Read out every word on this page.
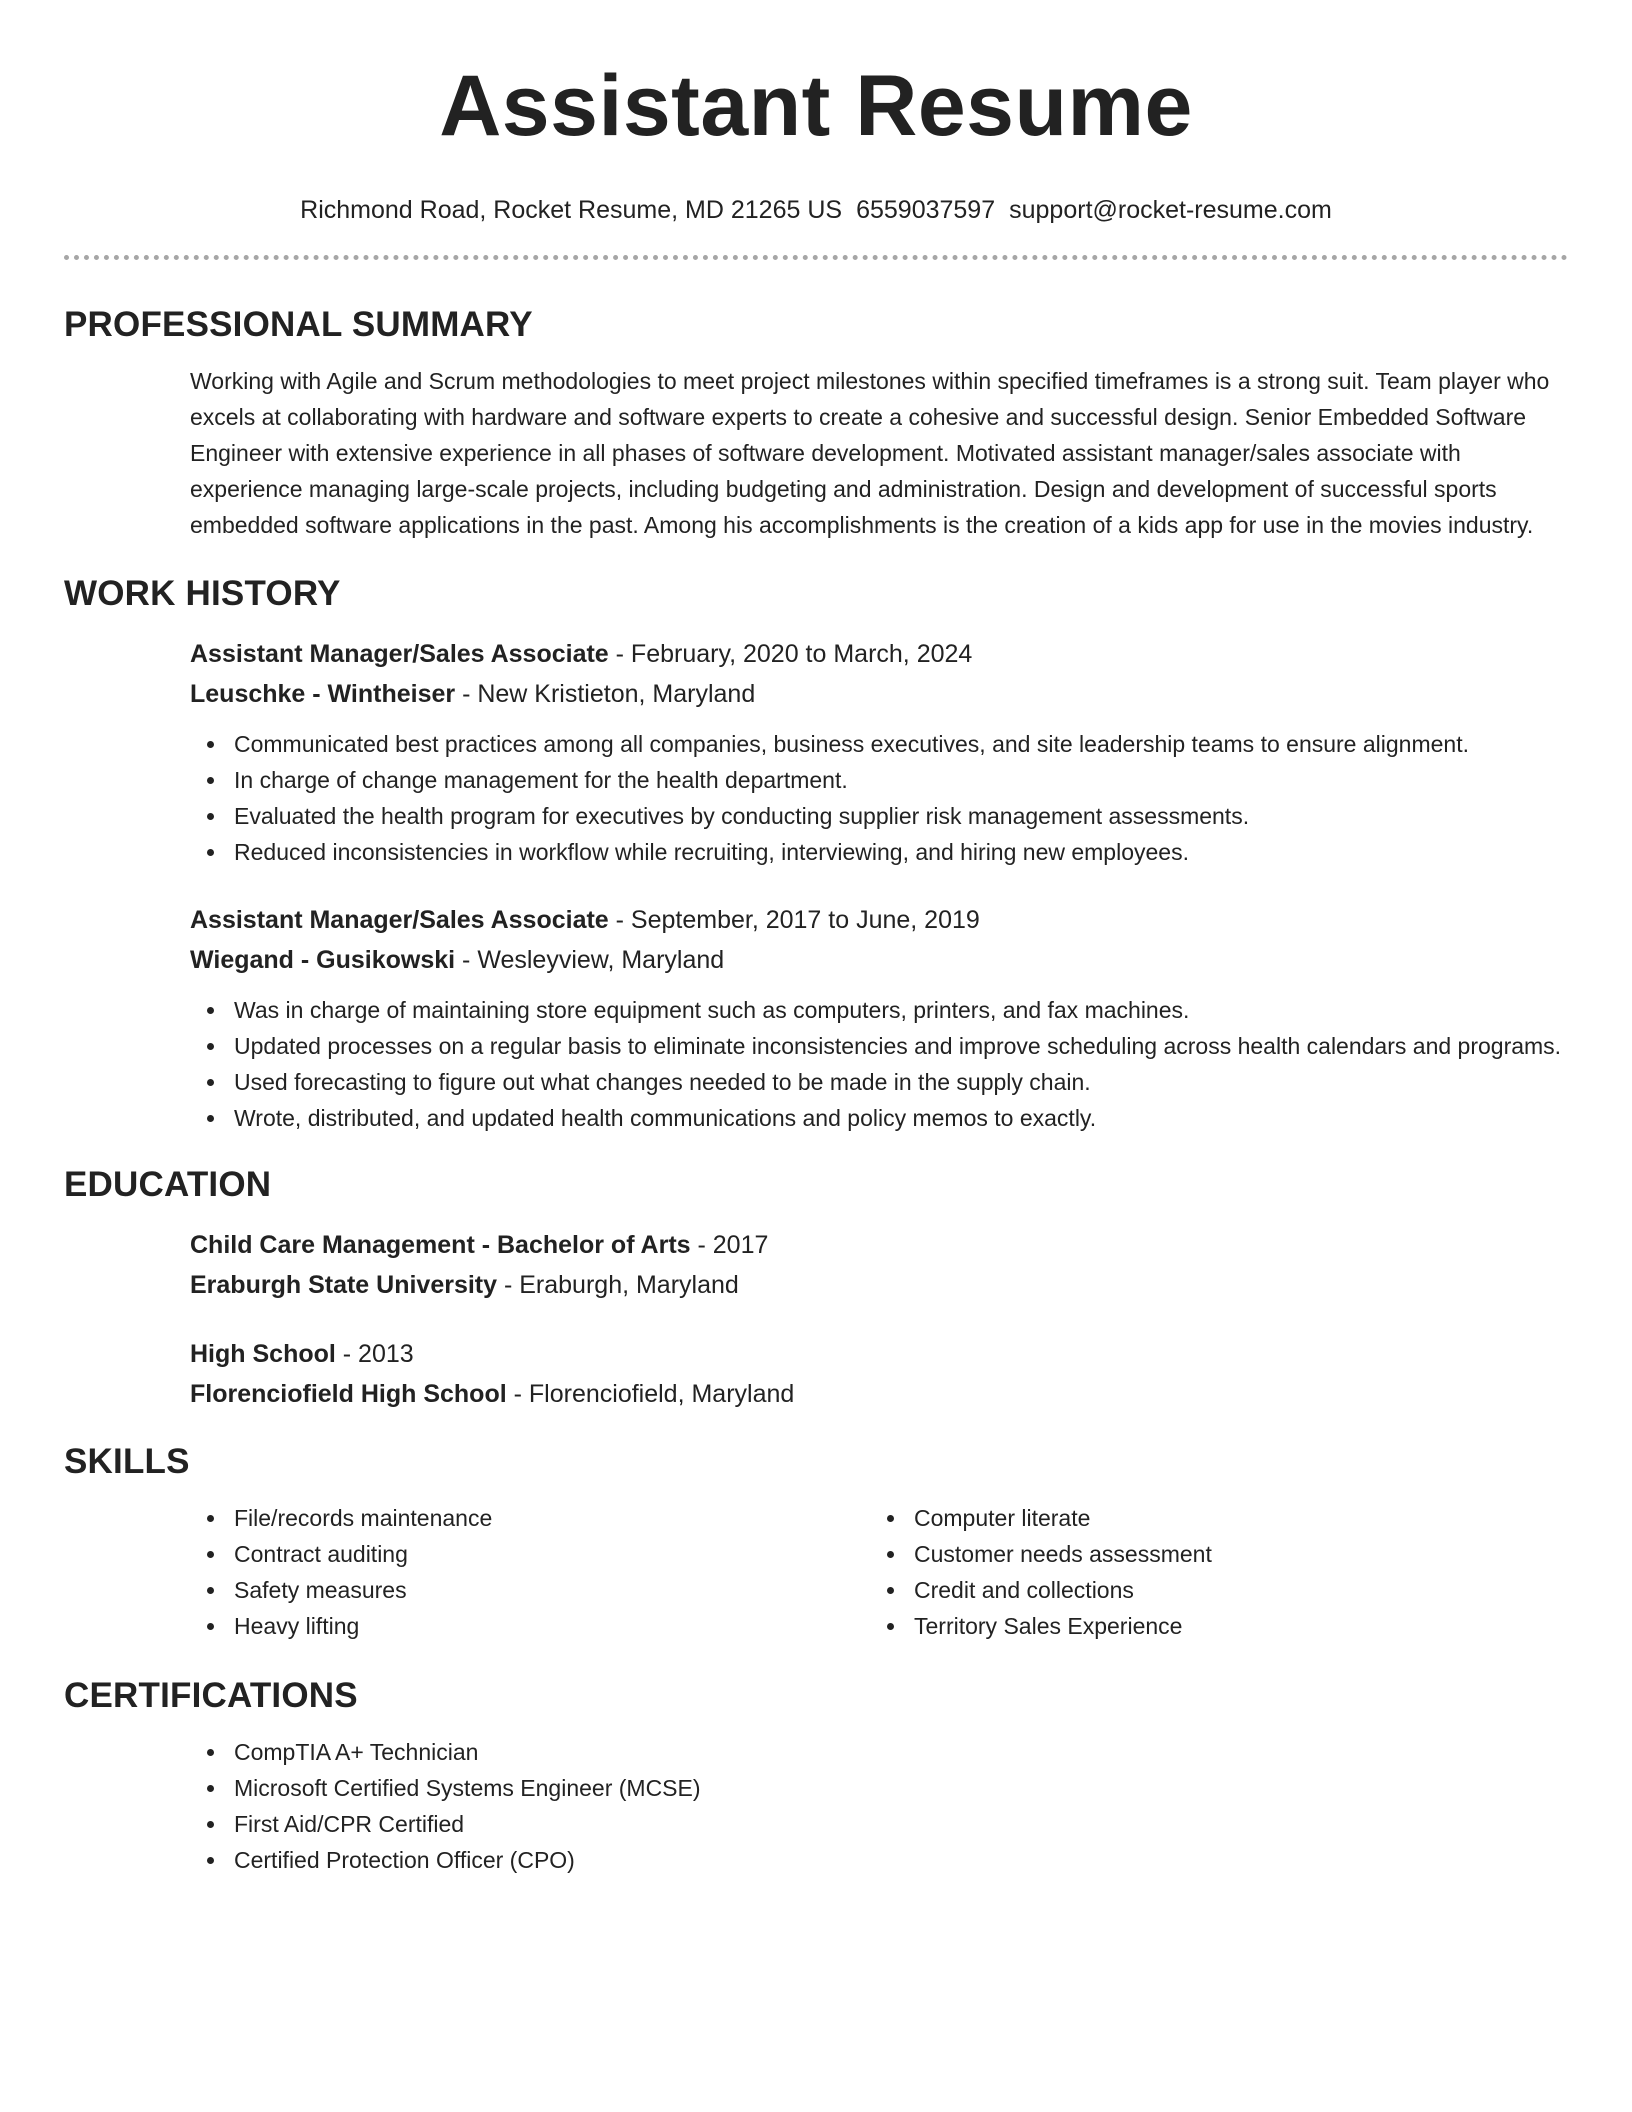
Assistant Resume
Richmond Road, Rocket Resume, MD 21265 US 6559037597 support@rocket-resume.com
PROFESSIONAL SUMMARY

Working with Agile and Scrum methodologies to meet project milestones within specified timeframes is a strong suit. Team player who excels at collaborating with hardware and software experts to create a cohesive and successful design. Senior Embedded Software Engineer with extensive experience in all phases of software development. Motivated assistant manager/sales associate with experience managing large-scale projects, including budgeting and administration. Design and development of successful sports embedded software applications in the past. Among his accomplishments is the creation of a kids app for use in the movies industry.

WORK HISTORY
Assistant Manager/Sales Associate - February, 2020 to March, 2024
Leuschke - Wintheiser - New Kristieton, Maryland
Communicated best practices among all companies, business executives, and site leadership teams to ensure alignment.
In charge of change management for the health department.
Evaluated the health program for executives by conducting supplier risk management assessments.
Reduced inconsistencies in workflow while recruiting, interviewing, and hiring new employees.
Assistant Manager/Sales Associate - September, 2017 to June, 2019
Wiegand - Gusikowski - Wesleyview, Maryland
Was in charge of maintaining store equipment such as computers, printers, and fax machines.
Updated processes on a regular basis to eliminate inconsistencies and improve scheduling across health calendars and programs.
Used forecasting to figure out what changes needed to be made in the supply chain.
Wrote, distributed, and updated health communications and policy memos to exactly.
EDUCATION
Child Care Management - Bachelor of Arts - 2017
Eraburgh State University - Eraburgh, Maryland
High School - 2013
Florenciofield High School - Florenciofield, Maryland
SKILLS
File/records maintenance
Contract auditing
Safety measures
Heavy lifting
Computer literate
Customer needs assessment
Credit and collections
Territory Sales Experience
CERTIFICATIONS
CompTIA A+ Technician
Microsoft Certified Systems Engineer (MCSE)
First Aid/CPR Certified
Certified Protection Officer (CPO)
